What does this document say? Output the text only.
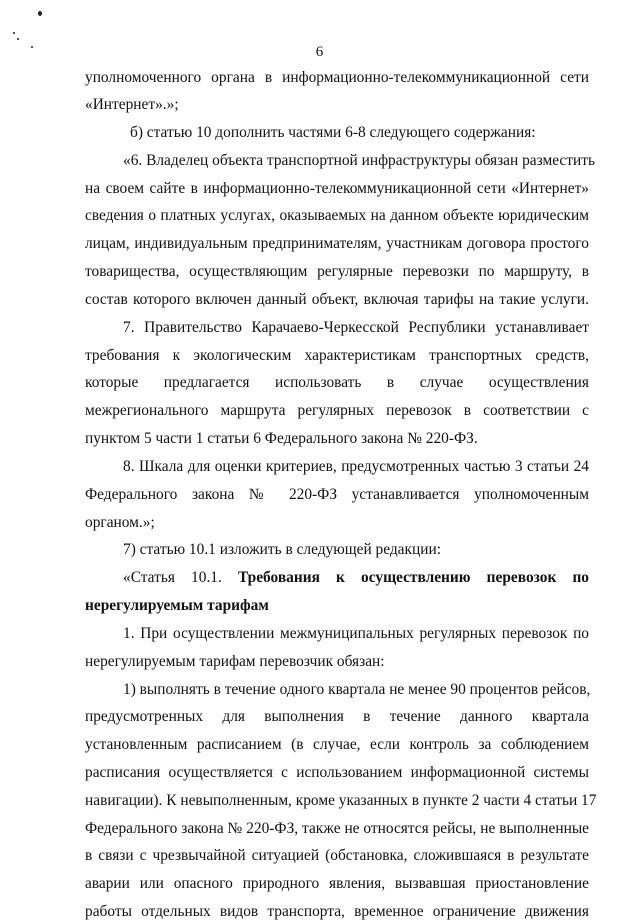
6
уполномоченного органа в информационно-телекоммуникационной сети
«Интернет».»;
б) статью 10 дополнить частями 6-8 следующего содержания:
«6. Владелец объекта транспортной инфраструктуры обязан разместить
на своем сайте в информационно-телекоммуникационной сети «Интернет»
сведения о платных услугах, оказываемых на данном объекте юридическим
лицам, индивидуальным предпринимателям, участникам договора простого
товарищества, осуществляющим регулярные перевозки по маршруту, в
состав которого включен данный объект, включая тарифы на такие услуги.
7. Правительство Карачаево-Черкесской Республики устанавливает
требования к экологическим характеристикам транспортных средств,
которые предлагается использовать в случае осуществления
межрегионального маршрута регулярных перевозок в соответствии с
пунктом 5 части 1 статьи 6 Федерального закона № 220-ФЗ.
8. Шкала для оценки критериев, предусмотренных частью 3 статьи 24
Федерального закона № 220-ФЗ устанавливается уполномоченным
органом.»;
7) статью 10.1 изложить в следующей редакции:
«Статья 10.1. Требования к осуществлению перевозок по
нерегулируемым тарифам
1. При осуществлении межмуниципальных регулярных перевозок по
нерегулируемым тарифам перевозчик обязан:
1) выполнять в течение одного квартала не менее 90 процентов рейсов,
предусмотренных для выполнения в течение данного квартала
установленным расписанием (в случае, если контроль за соблюдением
расписания осуществляется с использованием информационной системы
навигации). К невыполненным, кроме указанных в пункте 2 части 4 статьи 17
Федерального закона № 220-ФЗ, также не относятся рейсы, не выполненные
в связи с чрезвычайной ситуацией (обстановка, сложившаяся в результате
аварии или опасного природного явления, вызвавшая приостановление
работы отдельных видов транспорта, временное ограничение движения
